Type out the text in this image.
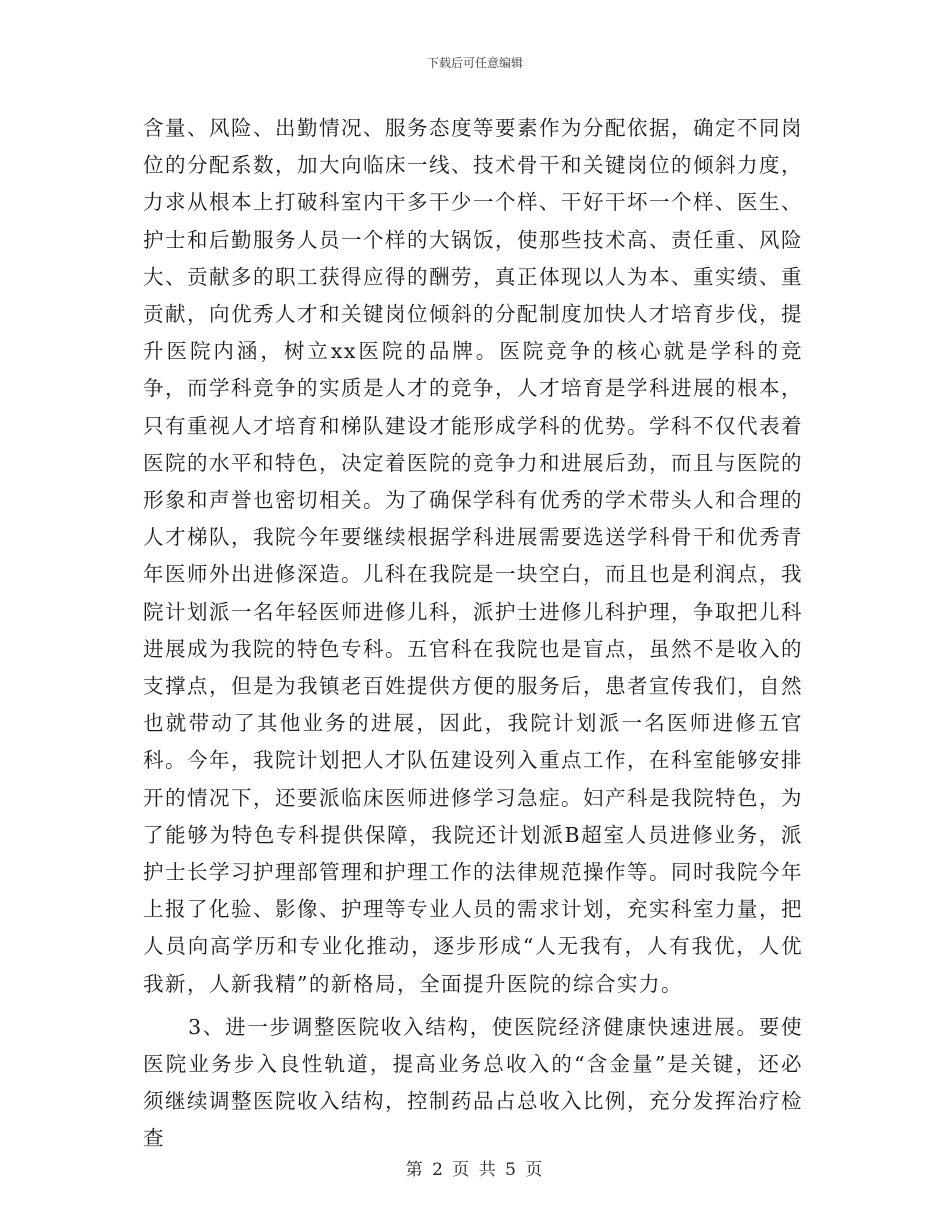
下载后可任意编辑

含量、风险、出勤情况、服务态度等要素作为分配依据，确定不同岗位的分配系数，加大向临床一线、技术骨干和关键岗位的倾斜力度，力求从根本上打破科室内干多干少一个样、干好干坏一个样、医生、护士和后勤服务人员一个样的大锅饭，使那些技术高、责任重、风险大、贡献多的职工获得应得的酬劳，真正体现以人为本、重实绩、重贡献，向优秀人才和关键岗位倾斜的分配制度加快人才培育步伐，提升医院内涵，树立xx医院的品牌。医院竞争的核心就是学科的竞争，而学科竞争的实质是人才的竞争，人才培育是学科进展的根本，只有重视人才培育和梯队建设才能形成学科的优势。学科不仅代表着医院的水平和特色，决定着医院的竞争力和进展后劲，而且与医院的形象和声誉也密切相关。为了确保学科有优秀的学术带头人和合理的人才梯队，我院今年要继续根据学科进展需要选送学科骨干和优秀青年医师外出进修深造。儿科在我院是一块空白，而且也是利润点，我院计划派一名年轻医师进修儿科，派护士进修儿科护理，争取把儿科进展成为我院的特色专科。五官科在我院也是盲点，虽然不是收入的支撑点，但是为我镇老百姓提供方便的服务后，患者宣传我们，自然也就带动了其他业务的进展，因此，我院计划派一名医师进修五官科。今年，我院计划把人才队伍建设列入重点工作，在科室能够安排开的情况下，还要派临床医师进修学习急症。妇产科是我院特色，为了能够为特色专科提供保障，我院还计划派B超室人员进修业务，派护士长学习护理部管理和护理工作的法律规范操作等。同时我院今年上报了化验、影像、护理等专业人员的需求计划，充实科室力量，把人员向高学历和专业化推动，逐步形成“人无我有，人有我优，人优我新，人新我精”的新格局，全面提升医院的综合实力。

3、进一步调整医院收入结构，使医院经济健康快速进展。要使医院业务步入良性轨道，提高业务总收入的“含金量”是关键，还必须继续调整医院收入结构，控制药品占总收入比例，充分发挥治疗检查

第 2 页 共 5 页
